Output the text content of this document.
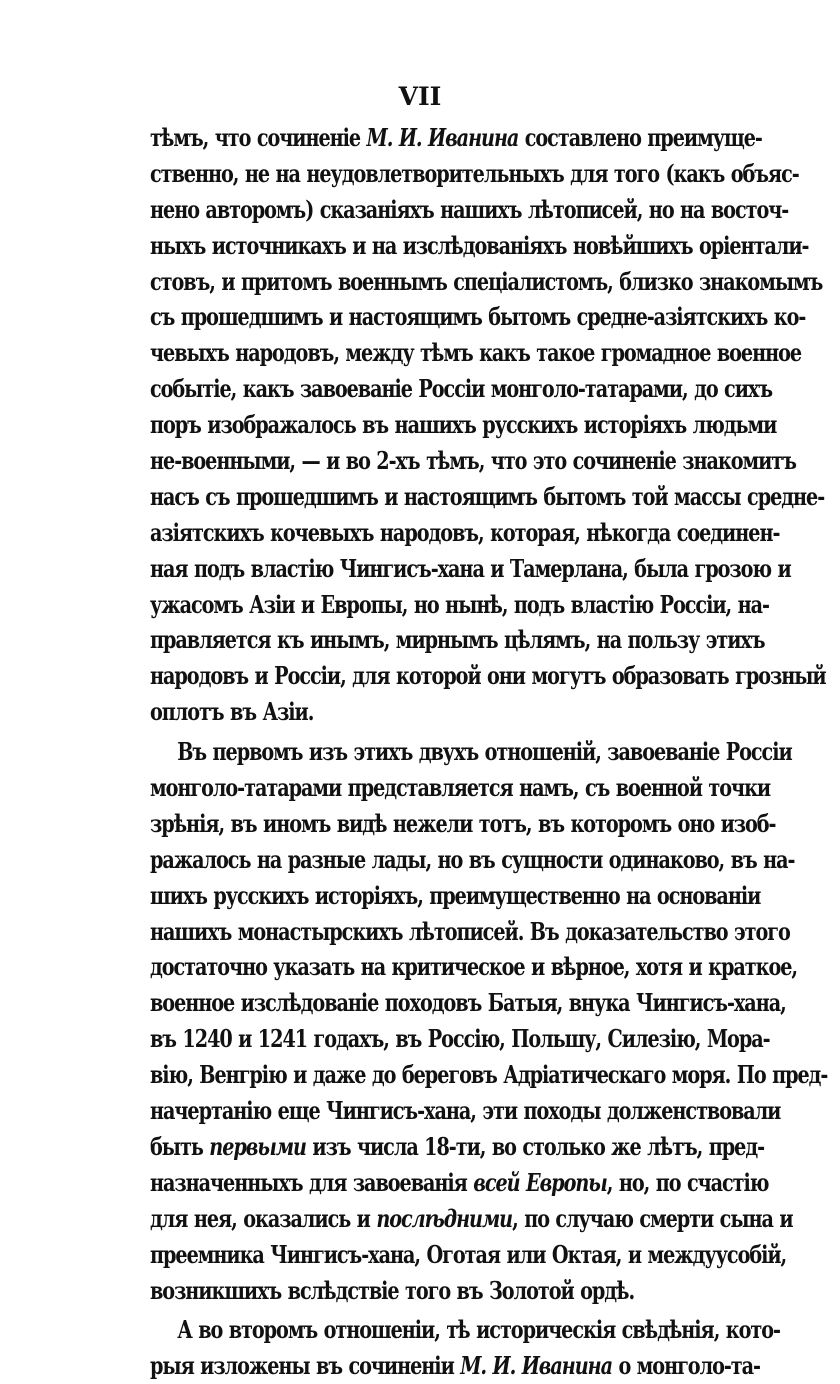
VII
тѣмъ, что сочиненіе М. И. Иванина составлено преимуще-
ственно, не на неудовлетворительныхъ для того (какъ объяс-
нено авторомъ) сказаніяхъ нашихъ лѣтописей, но на восточ-
ныхъ источникахъ и на изслѣдованіяхъ новѣйшихъ оріентали-
стовъ, и притомъ военнымъ спеціалистомъ, близко знакомымъ
съ прошедшимъ и настоящимъ бытомъ средне-азіятскихъ ко-
чевыхъ народовъ, между тѣмъ какъ такое громадное военное
событіе, какъ завоеваніе Россіи монголо-татарами, до сихъ
поръ изображалось въ нашихъ русскихъ исторіяхъ людьми
не-военными, — и во 2-хъ тѣмъ, что это сочиненіе знакомитъ
насъ съ прошедшимъ и настоящимъ бытомъ той массы средне-
азіятскихъ кочевыхъ народовъ, которая, нѣкогда соединен-
ная подъ властію Чингисъ-хана и Тамерлана, была грозою и
ужасомъ Азіи и Европы, но нынѣ, подъ властію Россіи, на-
правляется къ инымъ, мирнымъ цѣлямъ, на пользу этихъ
народовъ и Россіи, для которой они могутъ образовать грозный
оплотъ въ Азіи.
Въ первомъ изъ этихъ двухъ отношеній, завоеваніе Россіи
монголо-татарами представляется намъ, съ военной точки
зрѣнія, въ иномъ видѣ нежели тотъ, въ которомъ оно изоб-
ражалось на разные лады, но въ сущности одинаково, въ на-
шихъ русскихъ исторіяхъ, преимущественно на основаніи
нашихъ монастырскихъ лѣтописей. Въ доказательство этого
достаточно указать на критическое и вѣрное, хотя и краткое,
военное изслѣдованіе походовъ Батыя, внука Чингисъ-хана,
въ 1240 и 1241 годахъ, въ Россію, Польшу, Силезію, Мора-
вію, Венгрію и даже до береговъ Адріатическаго моря. По пред-
начертанію еще Чингисъ-хана, эти походы долженствовали
быть первыми изъ числа 18-ти, во столько же лѣтъ, пред-
назначенныхъ для завоеванія всей Европы, но, по счастію
для нея, оказались и послѣдними, по случаю смерти сына и
преемника Чингисъ-хана, Оготая или Октая, и междуусобій,
возникшихъ вслѣдствіе того въ Золотой ордѣ.
А во второмъ отношеніи, тѣ историческія свѣдѣнія, кото-
рыя изложены въ сочиненіи М. И. Иванина о монголо-та-
